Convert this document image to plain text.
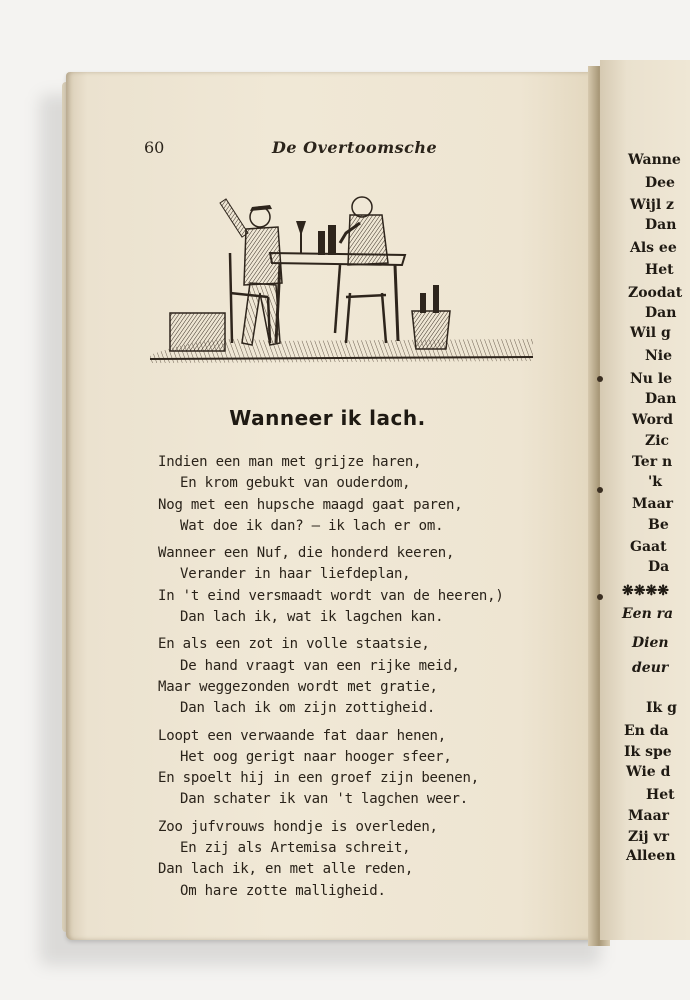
60	De Overtoomsche
Wanneer ik lach.
Indien een man met grijze haren,
En krom gebukt van ouderdom,
Nog met een hupsche maagd gaat paren,
Wat doe ik dan? — ik lach er om.
Wanneer een Nuf, die honderd keeren,
Verander in haar liefdeplan,
In 't eind versmaadt wordt van de heeren,)
Dan lach ik, wat ik lagchen kan.
En als een zot in volle staatsie,
De hand vraagt van een rijke meid,
Maar weggezonden wordt met gratie,
Dan lach ik om zijn zottigheid.
Loopt een verwaande fat daar henen,
Het oog gerigt naar hooger sfeer,
En spoelt hij in een groef zijn beenen,
Dan schater ik van 't lagchen weer.
Zoo jufvrouws hondje is overleden,
En zij als Artemisa schreit,
Dan lach ik, en met alle reden,
Om hare zotte malligheid.
Wanne
Dee
Wijl z
Dan
Als ee
Het
Zoodat
Dan
Wil g
Nie
Nu le
Dan
Word
Zic
Ter n
'k
Maar
Be
Gaat
Da
❋❋❋❋
Een ra
Dien
deur
Ik g
En da
Ik spe
Wie d
Het
Maar
Zij vr
Alleen
